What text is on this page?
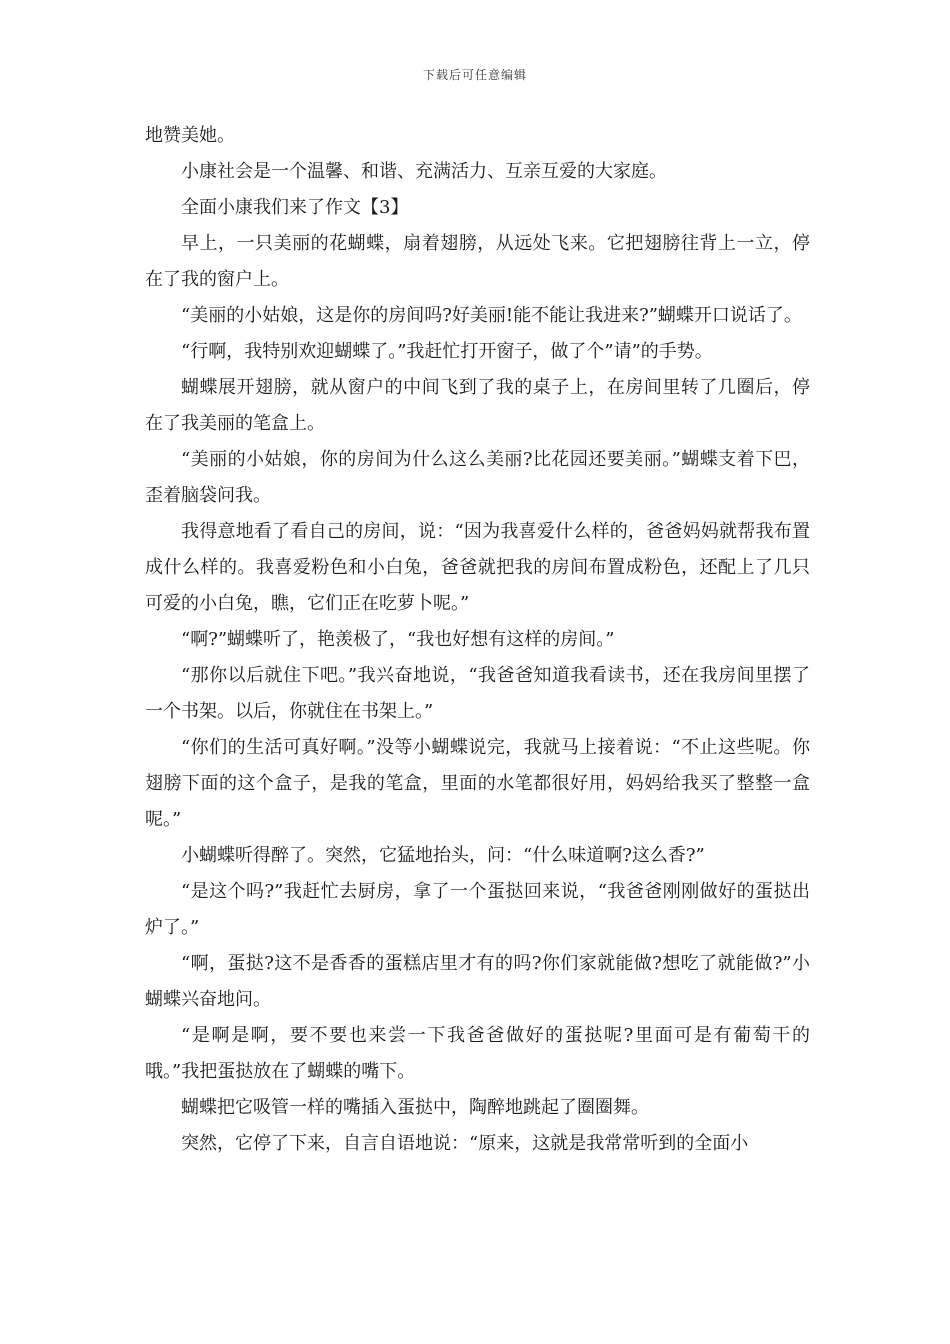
下载后可任意编辑

地赞美她。

小康社会是一个温馨、和谐、充满活力、互亲互爱的大家庭。

全面小康我们来了作文【3】

早上，一只美丽的花蝴蝶，扇着翅膀，从远处飞来。它把翅膀往背上一立，停在了我的窗户上。

“美丽的小姑娘，这是你的房间吗?好美丽!能不能让我进来?”蝴蝶开口说话了。

“行啊，我特别欢迎蝴蝶了。”我赶忙打开窗子，做了个”请”的手势。

蝴蝶展开翅膀，就从窗户的中间飞到了我的桌子上，在房间里转了几圈后，停在了我美丽的笔盒上。

“美丽的小姑娘，你的房间为什么这么美丽?比花园还要美丽。”蝴蝶支着下巴，歪着脑袋问我。

我得意地看了看自己的房间，说：“因为我喜爱什么样的，爸爸妈妈就帮我布置成什么样的。我喜爱粉色和小白兔，爸爸就把我的房间布置成粉色，还配上了几只可爱的小白兔，瞧，它们正在吃萝卜呢。”

“啊?”蝴蝶听了，艳羡极了，“我也好想有这样的房间。”

“那你以后就住下吧。”我兴奋地说，“我爸爸知道我看读书，还在我房间里摆了一个书架。以后，你就住在书架上。”

“你们的生活可真好啊。”没等小蝴蝶说完，我就马上接着说：“不止这些呢。你翅膀下面的这个盒子，是我的笔盒，里面的水笔都很好用，妈妈给我买了整整一盒呢。”

小蝴蝶听得醉了。突然，它猛地抬头，问：“什么味道啊?这么香?”

“是这个吗?”我赶忙去厨房，拿了一个蛋挞回来说，“我爸爸刚刚做好的蛋挞出炉了。”

“啊，蛋挞?这不是香香的蛋糕店里才有的吗?你们家就能做?想吃了就能做?”小蝴蝶兴奋地问。

“是啊是啊，要不要也来尝一下我爸爸做好的蛋挞呢?里面可是有葡萄干的哦。”我把蛋挞放在了蝴蝶的嘴下。

蝴蝶把它吸管一样的嘴插入蛋挞中，陶醉地跳起了圈圈舞。

突然，它停了下来，自言自语地说：“原来，这就是我常常听到的全面小
